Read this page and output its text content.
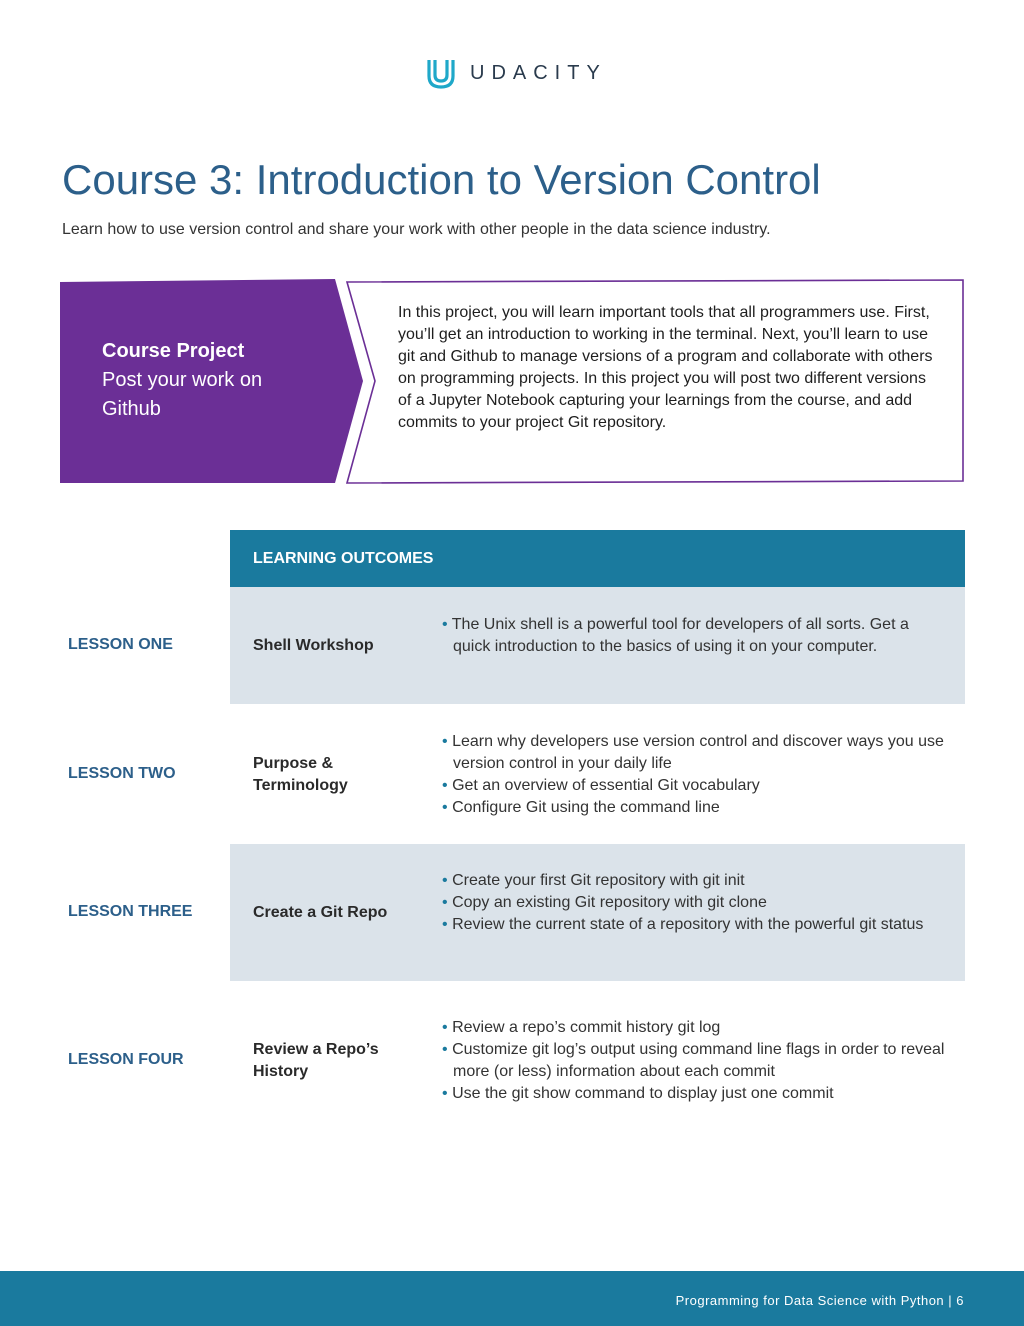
UDACITY
Course 3: Introduction to Version Control

Learn how to use version control and share your work with other people in the data science industry.

Course Project
Post your work on Github
In this project, you will learn important tools that all programmers use. First, you’ll get an introduction to working in the terminal. Next, you’ll learn to use git and Github to manage versions of a program and collaborate with others on programming projects. In this project you will post two different versions of a Jupyter Notebook capturing your learnings from the course, and add commits to your project Git repository.
LEARNING OUTCOMES
LESSON ONE	Shell Workshop
• The Unix shell is a powerful tool for developers of all sorts. Get a quick introduction to the basics of using it on your computer.
LESSON TWO
Purpose & Terminology
• Learn why developers use version control and discover ways you use version control in your daily life
• Get an overview of essential Git vocabulary
• Configure Git using the command line
LESSON THREE	Create a Git Repo
• Create your first Git repository with git init
• Copy an existing Git repository with git clone
• Review the current state of a repository with the powerful git status
LESSON FOUR
Review a Repo’s History
• Review a repo’s commit history git log
• Customize git log’s output using command line flags in order to reveal more (or less) information about each commit
• Use the git show command to display just one commit
Programming for Data Science with Python | 6
